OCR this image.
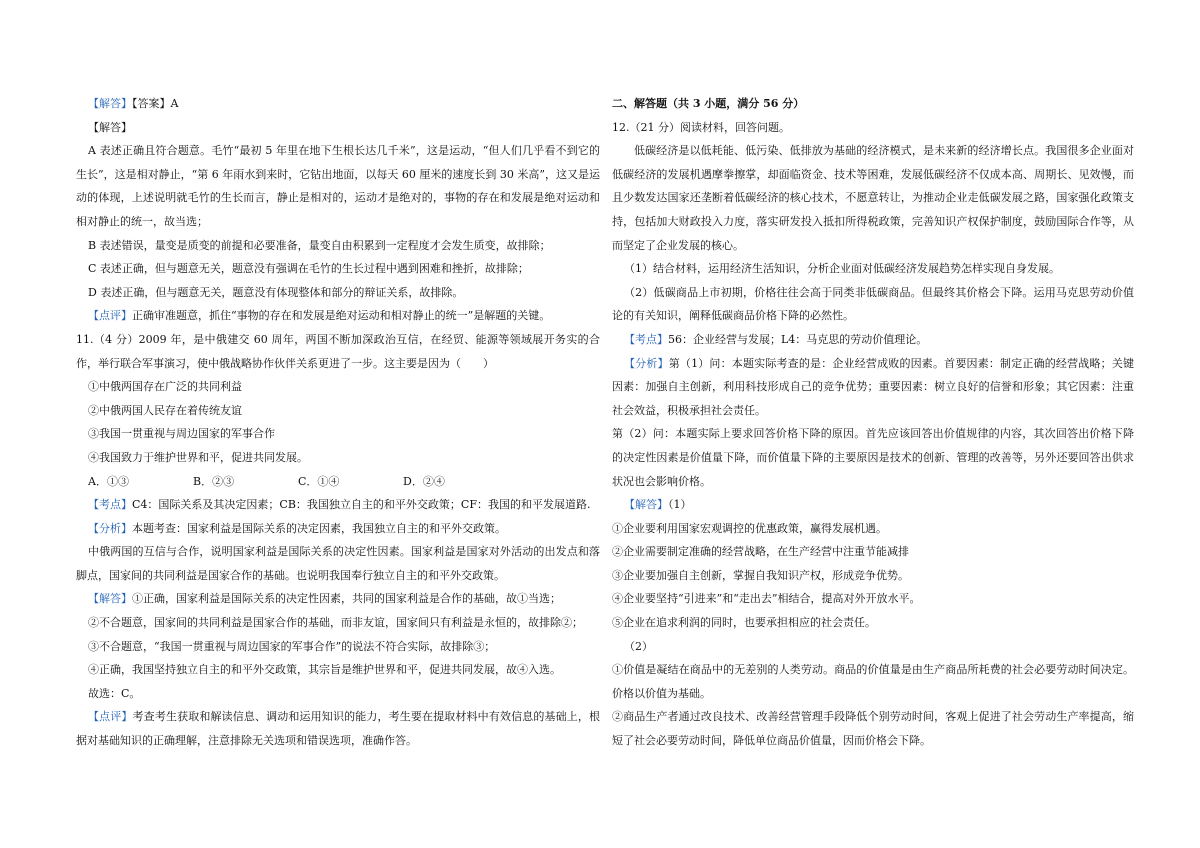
【解答】【答案】A

【解答】

A 表述正确且符合题意。毛竹“最初 5 年里在地下生根长达几千米”，这是运动，“但人们几乎看不到它的生长”，这是相对静止，“第 6 年雨水到来时，它钻出地面，以每天 60 厘米的速度长到 30 米高”，这又是运动的体现，上述说明就毛竹的生长而言，静止是相对的，运动才是绝对的，事物的存在和发展是绝对运动和相对静止的统一，故当选；

B 表述错误，量变是质变的前提和必要准备，量变自由积累到一定程度才会发生质变，故排除；

C 表述正确，但与题意无关，题意没有强调在毛竹的生长过程中遇到困难和挫折，故排除；

D 表述正确，但与题意无关，题意没有体现整体和部分的辩证关系，故排除。

【点评】正确审准题意，抓住“事物的存在和发展是绝对运动和相对静止的统一”是解题的关键。

11.（4 分）2009 年，是中俄建交 60 周年，两国不断加深政治互信，在经贸、能源等领域展开务实的合作，举行联合军事演习，使中俄战略协作伙伴关系更进了一步。这主要是因为（　　）

①中俄两国存在广泛的共同利益

②中俄两国人民存在着传统友谊

③我国一贯重视与周边国家的军事合作

④我国致力于维护世界和平，促进共同发展。

A．①③	B．②③	C．①④	D．②④

【考点】C4：国际关系及其决定因素；CB：我国独立自主的和平外交政策；CF：我国的和平发展道路.

【分析】本题考查：国家利益是国际关系的决定因素，我国独立自主的和平外交政策。

中俄两国的互信与合作，说明国家利益是国际关系的决定性因素。国家利益是国家对外活动的出发点和落脚点，国家间的共同利益是国家合作的基础。也说明我国奉行独立自主的和平外交政策。

【解答】①正确，国家利益是国际关系的决定性因素，共同的国家利益是合作的基础，故①当选；

②不合题意，国家间的共同利益是国家合作的基础，而非友谊，国家间只有利益是永恒的，故排除②；

③不合题意，“我国一贯重视与周边国家的军事合作”的说法不符合实际，故排除③；

④正确，我国坚持独立自主的和平外交政策，其宗旨是维护世界和平，促进共同发展，故④入选。

故选：C。

【点评】考查考生获取和解读信息、调动和运用知识的能力，考生要在提取材料中有效信息的基础上，根据对基础知识的正确理解，注意排除无关选项和错误选项，准确作答。

二、解答题（共 3 小题，满分 56 分）

12.（21 分）阅读材料，回答问题。

低碳经济是以低耗能、低污染、低排放为基础的经济模式，是未来新的经济增长点。我国很多企业面对低碳经济的发展机遇摩拳擦掌，却面临资金、技术等困难，发展低碳经济不仅成本高、周期长、见效慢，而且少数发达国家还垄断着低碳经济的核心技术，不愿意转让，为推动企业走低碳发展之路，国家强化政策支持，包括加大财政投入力度，落实研发投入抵扣所得税政策，完善知识产权保护制度，鼓励国际合作等，从而坚定了企业发展的核心。

（1）结合材料，运用经济生活知识，分析企业面对低碳经济发展趋势怎样实现自身发展。

（2）低碳商品上市初期，价格往往会高于同类非低碳商品。但最终其价格会下降。运用马克思劳动价值论的有关知识，阐释低碳商品价格下降的必然性。

【考点】56：企业经营与发展；L4：马克思的劳动价值理论。

【分析】第（1）问：本题实际考查的是：企业经营成败的因素。首要因素：制定正确的经营战略；关键因素：加强自主创新，利用科技形成自己的竞争优势；重要因素：树立良好的信誉和形象；其它因素：注重社会效益，积极承担社会责任。

第（2）问：本题实际上要求回答价格下降的原因。首先应该回答出价值规律的内容，其次回答出价格下降的决定性因素是价值量下降，而价值量下降的主要原因是技术的创新、管理的改善等，另外还要回答出供求状况也会影响价格。

【解答】（1）

①企业要利用国家宏观调控的优惠政策，赢得发展机遇。

②企业需要制定准确的经营战略，在生产经营中注重节能减排

③企业要加强自主创新，掌握自我知识产权，形成竞争优势。

④企业要坚持“引进来”和“走出去”相结合，提高对外开放水平。

⑤企业在追求利润的同时，也要承担相应的社会责任。

（2）

①价值是凝结在商品中的无差别的人类劳动。商品的价值量是由生产商品所耗费的社会必要劳动时间决定。价格以价值为基础。

②商品生产者通过改良技术、改善经营管理手段降低个别劳动时间，客观上促进了社会劳动生产率提高，缩短了社会必要劳动时间，降低单位商品价值量，因而价格会下降。
